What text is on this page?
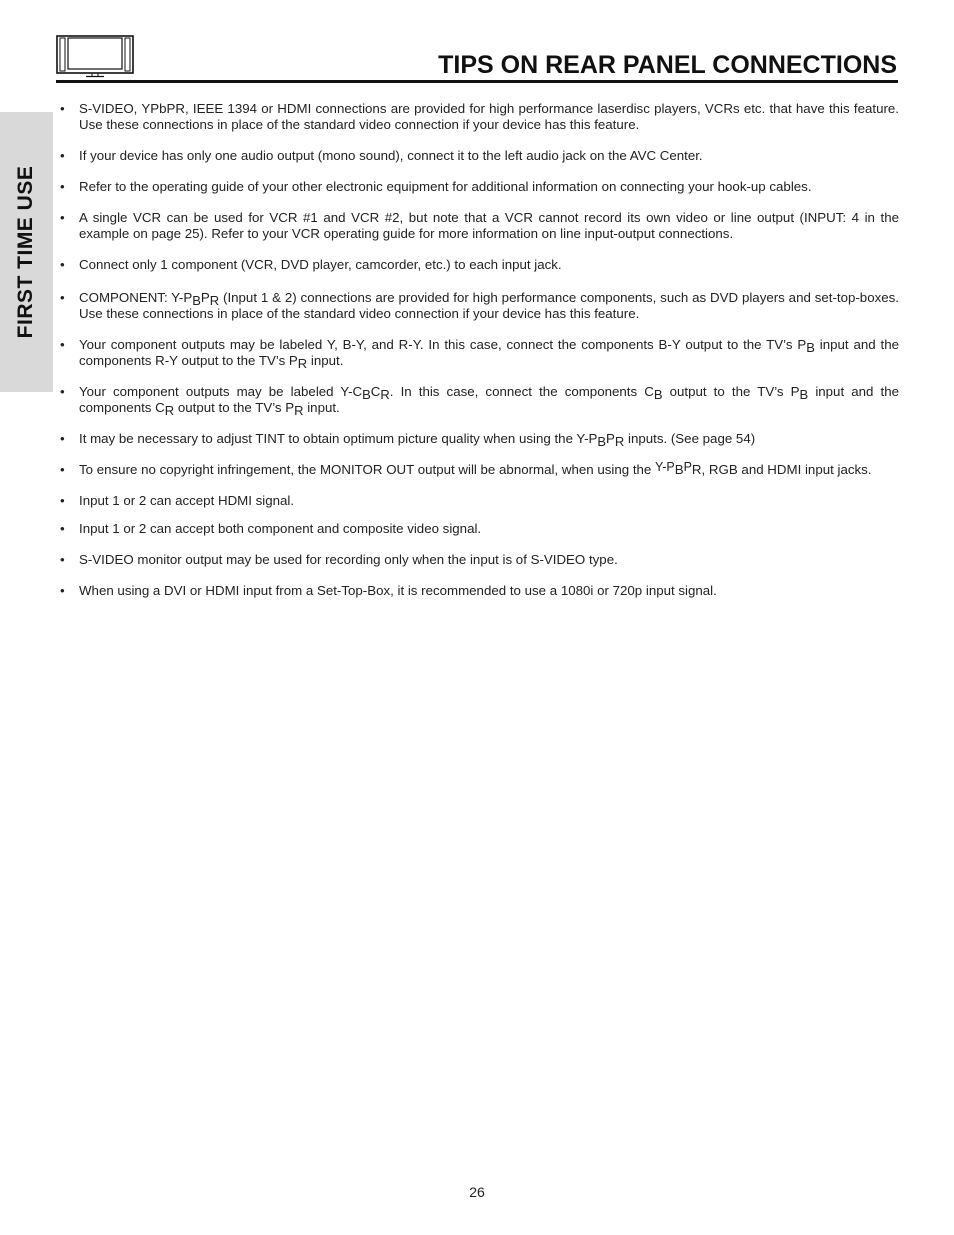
TIPS ON REAR PANEL CONNECTIONS
FIRST TIME USE
• S-VIDEO, YPbPR, IEEE 1394 or HDMI connections are provided for high performance laserdisc players, VCRs etc. that have this feature. Use these connections in place of the standard video connection if your device has this feature.
• If your device has only one audio output (mono sound), connect it to the left audio jack on the AVC Center.
• Refer to the operating guide of your other electronic equipment for additional information on connecting your hook-up cables.
• A single VCR can be used for VCR #1 and VCR #2, but note that a VCR cannot record its own video or line output (INPUT: 4 in the example on page 25). Refer to your VCR operating guide for more information on line input-output connections.
• Connect only 1 component (VCR, DVD player, camcorder, etc.) to each input jack.
• COMPONENT: $Y-P_BP_R$ (Input 1 & 2) connections are provided for high performance components, such as DVD players and set-top-boxes. Use these connections in place of the standard video connection if your device has this feature.
• Your component outputs may be labeled Y, B-Y, and R-Y. In this case, connect the components B-Y output to the TV’s $P_B$ input and the components R-Y output to the TV’s $P_R$ input.
• Your component outputs may be labeled $Y-C_BC_R$. In this case, connect the components $C_B$ output to the TV’s $P_B$ input and the components $C_R$ output to the TV’s $P_R$ input.
• It may be necessary to adjust TINT to obtain optimum picture quality when using the $Y-P_BP_R$ inputs. (See page 54)
• To ensure no copyright infringement, the MONITOR OUT output will be abnormal, when using the Y-PBPR, RGB and HDMI input jacks.
• Input 1 or 2 can accept HDMI signal.
• Input 1 or 2 can accept both component and composite video signal.
• S-VIDEO monitor output may be used for recording only when the input is of S-VIDEO type.
• When using a DVI or HDMI input from a Set-Top-Box, it is recommended to use a 1080i or 720p input signal.
26
